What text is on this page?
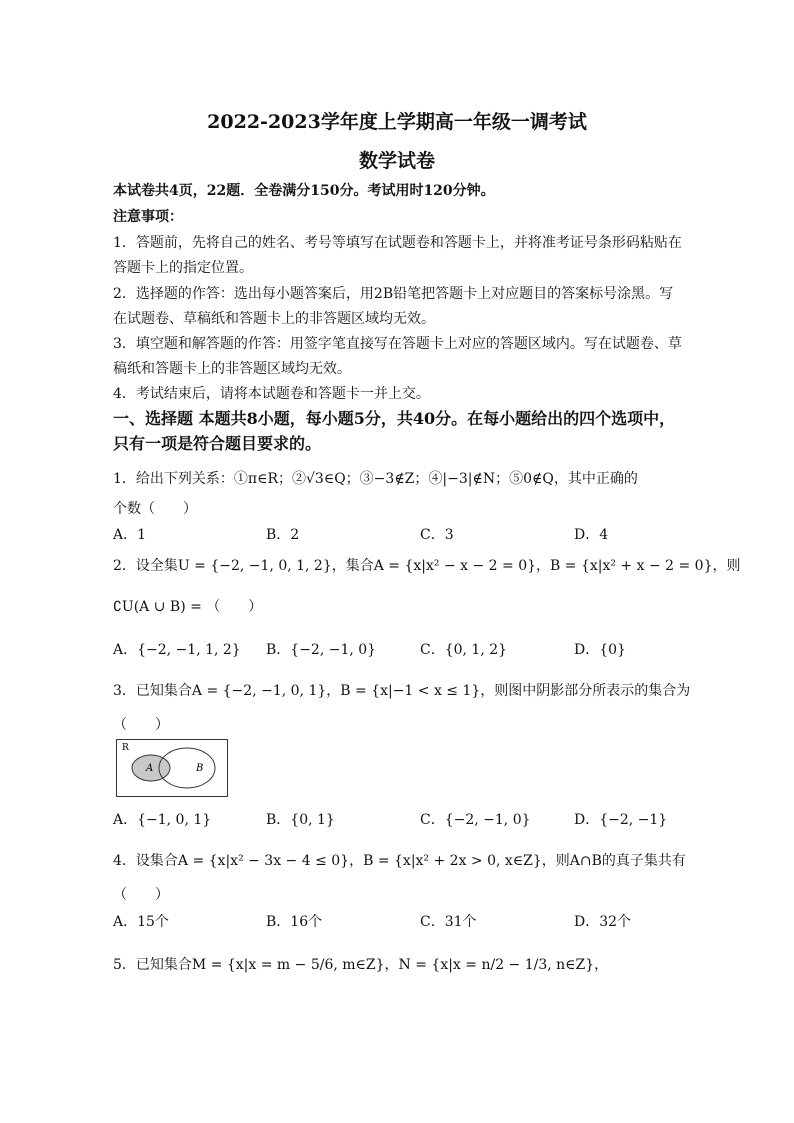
2022-2023学年度上学期高一年级一调考试
数学试卷
本试卷共4页，22题．全卷满分150分。考试用时120分钟。
注意事项：
1．答题前，先将自己的姓名、考号等填写在试题卷和答题卡上，并将准考证号条形码粘贴在
答题卡上的指定位置。
2．选择题的作答：选出每小题答案后，用2B铅笔把答题卡上对应题目的答案标号涂黑。写
在试题卷、草稿纸和答题卡上的非答题区域均无效。
3．填空题和解答题的作答：用签字笔直接写在答题卡上对应的答题区域内。写在试题卷、草
稿纸和答题卡上的非答题区域均无效。
4．考试结束后，请将本试题卷和答题卡一并上交。
一、选择题 本题共8小题，每小题5分，共40分。在每小题给出的四个选项中，
只有一项是符合题目要求的。
1．给出下列关系：①π∈R；②√3∈Q；③−3∉Z；④|−3|∉N；⑤0∉Q，其中正确的
个数（　　）
A．1	B．2	C．3	D．4
2．设全集U = {−2, −1, 0, 1, 2}，集合A = {x|x² − x − 2 = 0}，B = {x|x² + x − 2 = 0}，则
∁U(A ∪ B) = （　　）
A．{−2, −1, 1, 2} B．{−2, −1, 0}	C．{0, 1, 2}	D．{0}
3．已知集合A = {−2, −1, 0, 1}，B = {x|−1 < x ≤ 1}，则图中阴影部分所表示的集合为
（　　）
R
A	B
A．{−1, 0, 1}	B．{0, 1}	C．{−2, −1, 0}	D．{−2, −1}
4．设集合A = {x|x² − 3x − 4 ≤ 0}，B = {x|x² + 2x > 0, x∈Z}，则A∩B的真子集共有
（　　）
A．15个	B．16个	C．31个	D．32个
5．已知集合M = {x|x = m − 5/6, m∈Z}，N = {x|x = n/2 − 1/3, n∈Z}，
